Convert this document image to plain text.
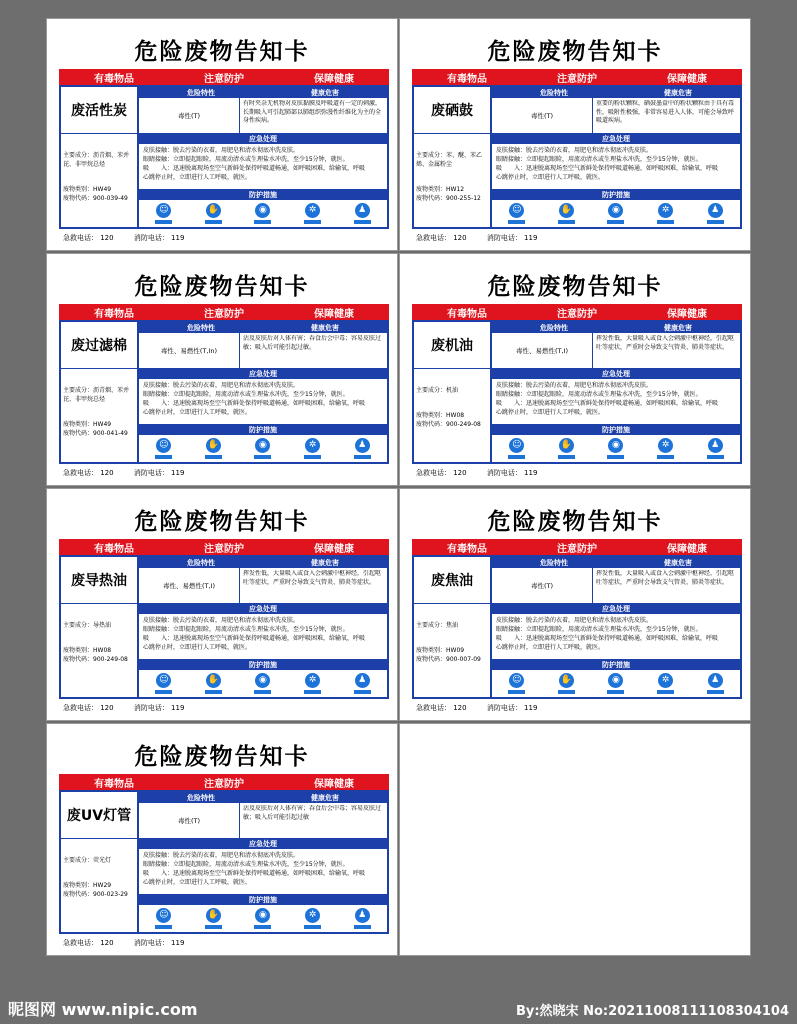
危险废物告知卡
有毒物品	注意防护	保障健康
废活性炭
主要成分：沥青烟、苯并芘、非甲烷总烃
废物类别：HW49
废物代码：900-039-49
危险特性	健康危害
毒性(T)
有时夹杂无机物对皮肤黏膜及呼吸道有一定的刺激，长期吸入可引起肺部以肺组织弥漫性纤维化为主的全身性疾病。
应急处理
皮肤接触：脱去污染的衣着，用肥皂和清水彻底冲洗皮肤。
眼睛接触：立即提起眼睑，用流动清水或生理盐水冲洗，至少15分钟，就医。
吸　　入：迅速脱离现场至空气新鲜处保持呼吸道畅通，如呼吸困难，给输氧，呼吸
心跳停止时，立即进行人工呼吸，就医。
防护措施
☺	✋	◉	✲	♟
急救电话： 120	消防电话： 119
危险废物告知卡
有毒物品	注意防护	保障健康
废硒鼓
主要成分：苯、醚、苯乙烯、金属粉尘
废物类别：HW12
废物代码：900-255-12
危险特性	健康危害
毒性(T)
重要的粉状颗粒，硒鼓墨盒中的粉状颗粒由于具有毒性，吸附性极强，非常容易进入人体，可能会导致呼吸道疾病。
应急处理
皮肤接触：脱去污染的衣着，用肥皂和清水彻底冲洗皮肤。
眼睛接触：立即提起眼睑，用流动清水或生理盐水冲洗，至少15分钟，就医。
吸　　入：迅速脱离现场至空气新鲜处保持呼吸道畅通，如呼吸困难，给输氧，呼吸
心跳停止时，立即进行人工呼吸，就医。
防护措施
☺	✋	◉	✲	♟
急救电话： 120	消防电话： 119
危险废物告知卡
有毒物品	注意防护	保障健康
废过滤棉
主要成分：沥青烟、苯并芘、非甲烷总烃
废物类别：HW49
废物代码：900-041-49
危险特性	健康危害
毒性、易燃性(T,In)
沾及皮肤后对人体有害；吞食后会中毒；容易皮肤过敏；吸入后可能引起过敏。
应急处理
皮肤接触：脱去污染的衣着，用肥皂和清水彻底冲洗皮肤。
眼睛接触：立即提起眼睑，用流动清水或生理盐水冲洗，至少15分钟，就医。
吸　　入：迅速脱离现场至空气新鲜处保持呼吸道畅通，如呼吸困难，给输氧，呼吸
心跳停止时，立即进行人工呼吸，就医。
防护措施
☺	✋	◉	✲	♟
急救电话： 120	消防电话： 119
危险废物告知卡
有毒物品	注意防护	保障健康
废机油
主要成分：机油
废物类别：HW08
废物代码：900-249-08
危险特性	健康危害
毒性、易燃性(T,I)
挥发性低，大量吸入或食入会刺激中枢神经，引起呕吐等症状，严重时会导致支气管炎、肺炎等症状。
应急处理
皮肤接触：脱去污染的衣着，用肥皂和清水彻底冲洗皮肤。
眼睛接触：立即提起眼睑，用流动清水或生理盐水冲洗，至少15分钟，就医。
吸　　入：迅速脱离现场至空气新鲜处保持呼吸道畅通，如呼吸困难，给输氧，呼吸
心跳停止时，立即进行人工呼吸，就医。
防护措施
☺	✋	◉	✲	♟
急救电话： 120	消防电话： 119
危险废物告知卡
有毒物品	注意防护	保障健康
废导热油
主要成分：导热油
废物类别：HW08
废物代码：900-249-08
危险特性	健康危害
毒性、易燃性(T,I)
挥发性低，大量吸入或食入会刺激中枢神经，引起呕吐等症状，严重时会导致支气管炎、肺炎等症状。
应急处理
皮肤接触：脱去污染的衣着，用肥皂和清水彻底冲洗皮肤。
眼睛接触：立即提起眼睑，用流动清水或生理盐水冲洗，至少15分钟，就医。
吸　　入：迅速脱离现场至空气新鲜处保持呼吸道畅通，如呼吸困难，给输氧，呼吸
心跳停止时，立即进行人工呼吸，就医。
防护措施
☺	✋	◉	✲	♟
急救电话： 120	消防电话： 119
危险废物告知卡
有毒物品	注意防护	保障健康
废焦油
主要成分：焦油
废物类别：HW09
废物代码：900-007-09
危险特性	健康危害
毒性(T)
挥发性低，大量吸入或食入会刺激中枢神经，引起呕吐等症状，严重时会导致支气管炎、肺炎等症状。
应急处理
皮肤接触：脱去污染的衣着，用肥皂和清水彻底冲洗皮肤。
眼睛接触：立即提起眼睑，用流动清水或生理盐水冲洗，至少15分钟，就医。
吸　　入：迅速脱离现场至空气新鲜处保持呼吸道畅通，如呼吸困难，给输氧，呼吸
心跳停止时，立即进行人工呼吸，就医。
防护措施
☺	✋	◉	✲	♟
急救电话： 120	消防电话： 119
危险废物告知卡
有毒物品	注意防护	保障健康
废UV灯管
主要成分：荧光灯
废物类别：HW29
废物代码：900-023-29
危险特性	健康危害
毒性(T)
沾及皮肤后对人体有害；吞食后会中毒；容易皮肤过敏；吸入后可能引起过敏
应急处理
皮肤接触：脱去污染的衣着，用肥皂和清水彻底冲洗皮肤。
眼睛接触：立即提起眼睑，用流动清水或生理盐水冲洗，至少15分钟，就医。
吸　　入：迅速脱离现场至空气新鲜处保持呼吸道畅通，如呼吸困难，给输氧，呼吸
心跳停止时，立即进行人工呼吸，就医。
防护措施
☺	✋	◉	✲	♟
急救电话： 120	消防电话： 119
昵图网 www.nipic.com	By:然晓宋 No:20211008111108304104
